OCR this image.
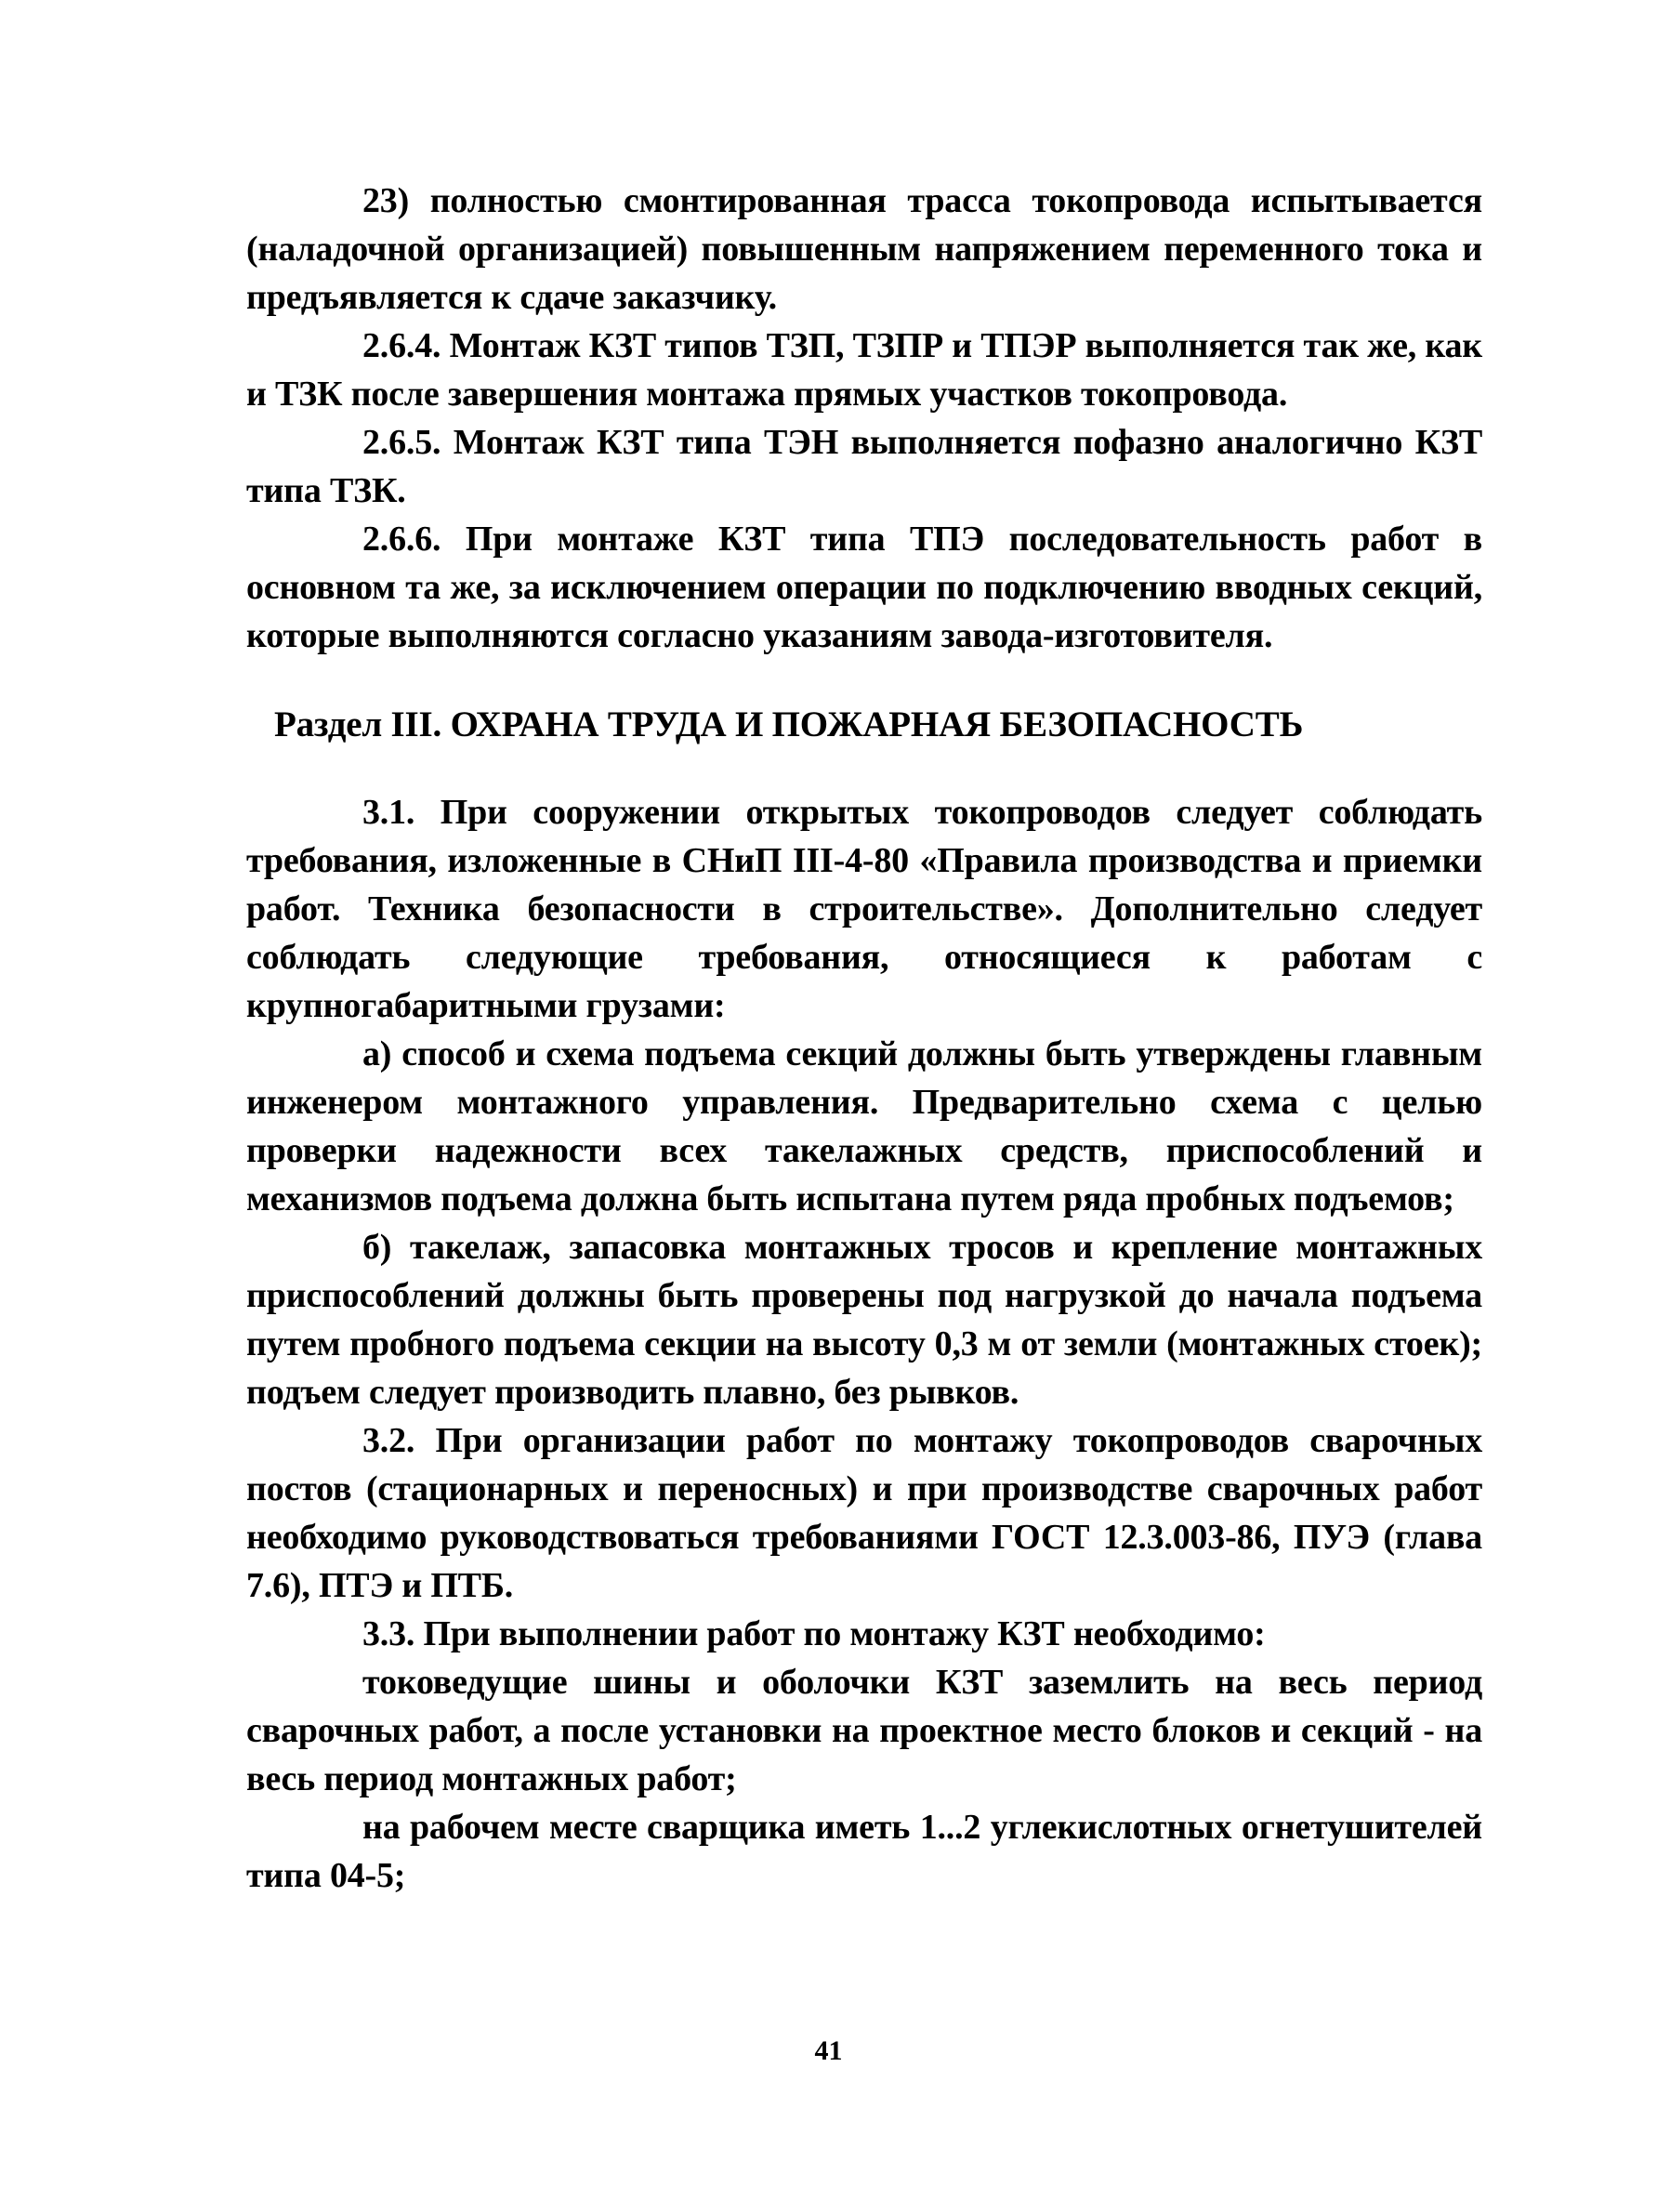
23) полностью смонтированная трасса токопровода испытывается (наладочной организацией) повышенным напряжением переменного тока и предъявляется к сдаче заказчику.

2.6.4. Монтаж КЗТ типов ТЗП, ТЗПР и ТПЭР выполняется так же, как и ТЗК после завершения монтажа прямых участков токопровода.

2.6.5. Монтаж КЗТ типа ТЭН выполняется пофазно аналогично КЗТ типа ТЗК.

2.6.6. При монтаже КЗТ типа ТПЭ последовательность работ в основном та же, за исключением операции по подключению вводных секций, которые выполняются согласно указаниям завода-изготовителя.

Раздел III. ОХРАНА ТРУДА И ПОЖАРНАЯ БЕЗОПАСНОСТЬ

3.1. При сооружении открытых токопроводов следует соблюдать требования, изложенные в СНиП III-4-80 «Правила производства и приемки работ. Техника безопасности в строительстве». Дополнительно следует соблюдать следующие требования, относящиеся к работам с крупногабаритными грузами:

а) способ и схема подъема секций должны быть утверждены главным инженером монтажного управления. Предварительно схема с целью проверки надежности всех такелажных средств, приспособлений и механизмов подъема должна быть испытана путем ряда пробных подъемов;

б) такелаж, запасовка монтажных тросов и крепление монтажных приспособлений должны быть проверены под нагрузкой до начала подъема путем пробного подъема секции на высоту 0,3 м от земли (монтажных стоек); подъем следует производить плавно, без рывков.

3.2. При организации работ по монтажу токопроводов сварочных постов (стационарных и переносных) и при производстве сварочных работ необходимо руководствоваться требованиями ГОСТ 12.3.003-86, ПУЭ (глава 7.6), ПТЭ и ПТБ.

3.3. При выполнении работ по монтажу КЗТ необходимо:

токоведущие шины и оболочки КЗТ заземлить на весь период сварочных работ, а после установки на проектное место блоков и секций - на весь период монтажных работ;

на рабочем месте сварщика иметь 1...2 углекислотных огнетушителей типа 04-5;

41
